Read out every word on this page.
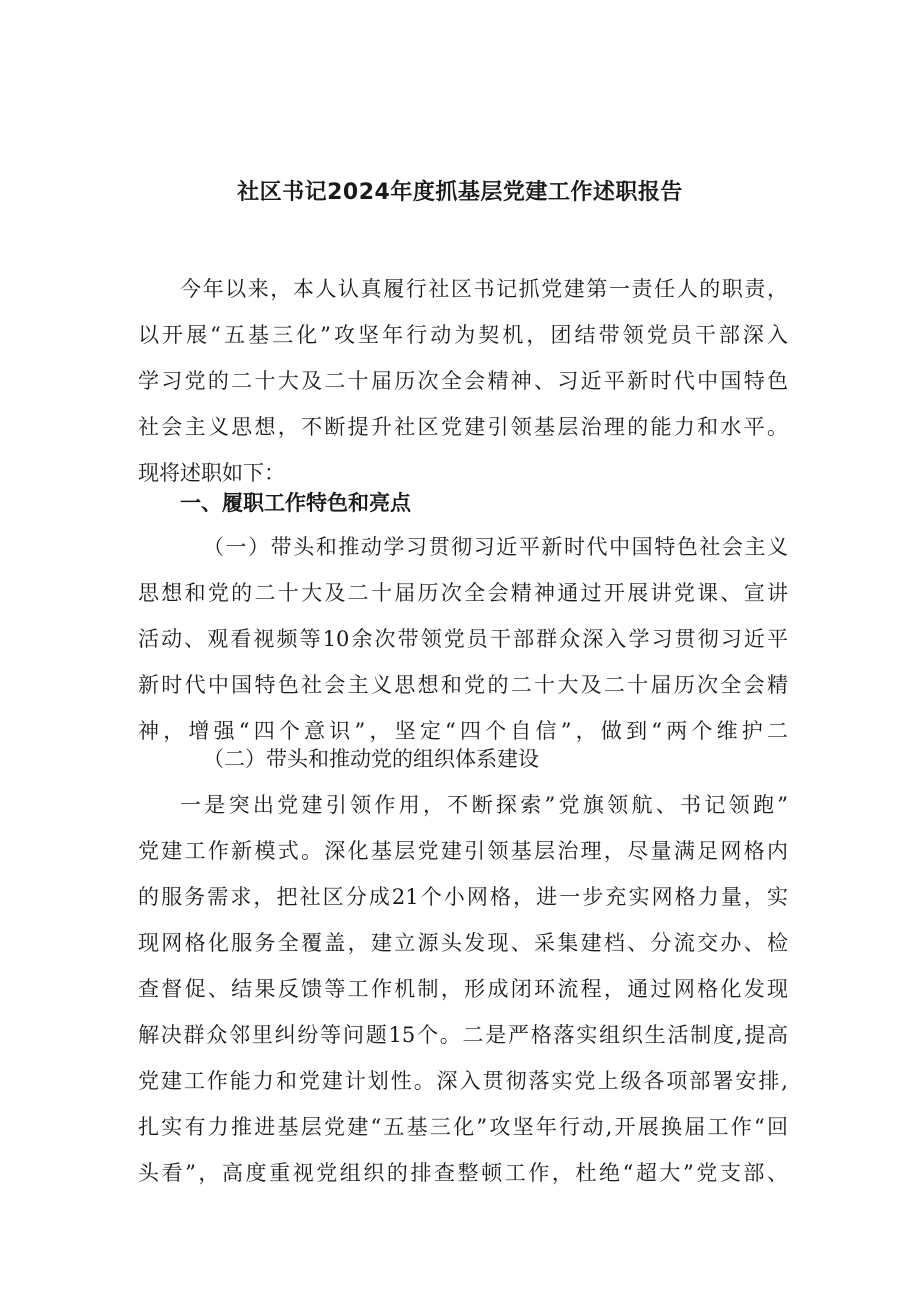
社区书记2024年度抓基层党建工作述职报告
今年以来，本人认真履行社区书记抓党建第一责任人的职责，
以开展“五基三化”攻坚年行动为契机，团结带领党员干部深入
学习党的二十大及二十届历次全会精神、习近平新时代中国特色
社会主义思想，不断提升社区党建引领基层治理的能力和水平。
现将述职如下：
一、履职工作特色和亮点
（一）带头和推动学习贯彻习近平新时代中国特色社会主义
思想和党的二十大及二十届历次全会精神通过开展讲党课、宣讲
活动、观看视频等10余次带领党员干部群众深入学习贯彻习近平
新时代中国特色社会主义思想和党的二十大及二十届历次全会精
神，增强“四个意识”，坚定“四个自信”，做到“两个维护二
（二）带头和推动党的组织体系建设
一是突出党建引领作用，不断探索”党旗领航、书记领跑”
党建工作新模式。深化基层党建引领基层治理，尽量满足网格内
的服务需求，把社区分成21个小网格，进一步充实网格力量，实
现网格化服务全覆盖，建立源头发现、采集建档、分流交办、检
查督促、结果反馈等工作机制，形成闭环流程，通过网格化发现
解决群众邻里纠纷等问题15个。二是严格落实组织生活制度,提高
党建工作能力和党建计划性。深入贯彻落实党上级各项部署安排,
扎实有力推进基层党建“五基三化”攻坚年行动,开展换届工作“回
头看”，高度重视党组织的排查整顿工作，杜绝“超大”党支部、
